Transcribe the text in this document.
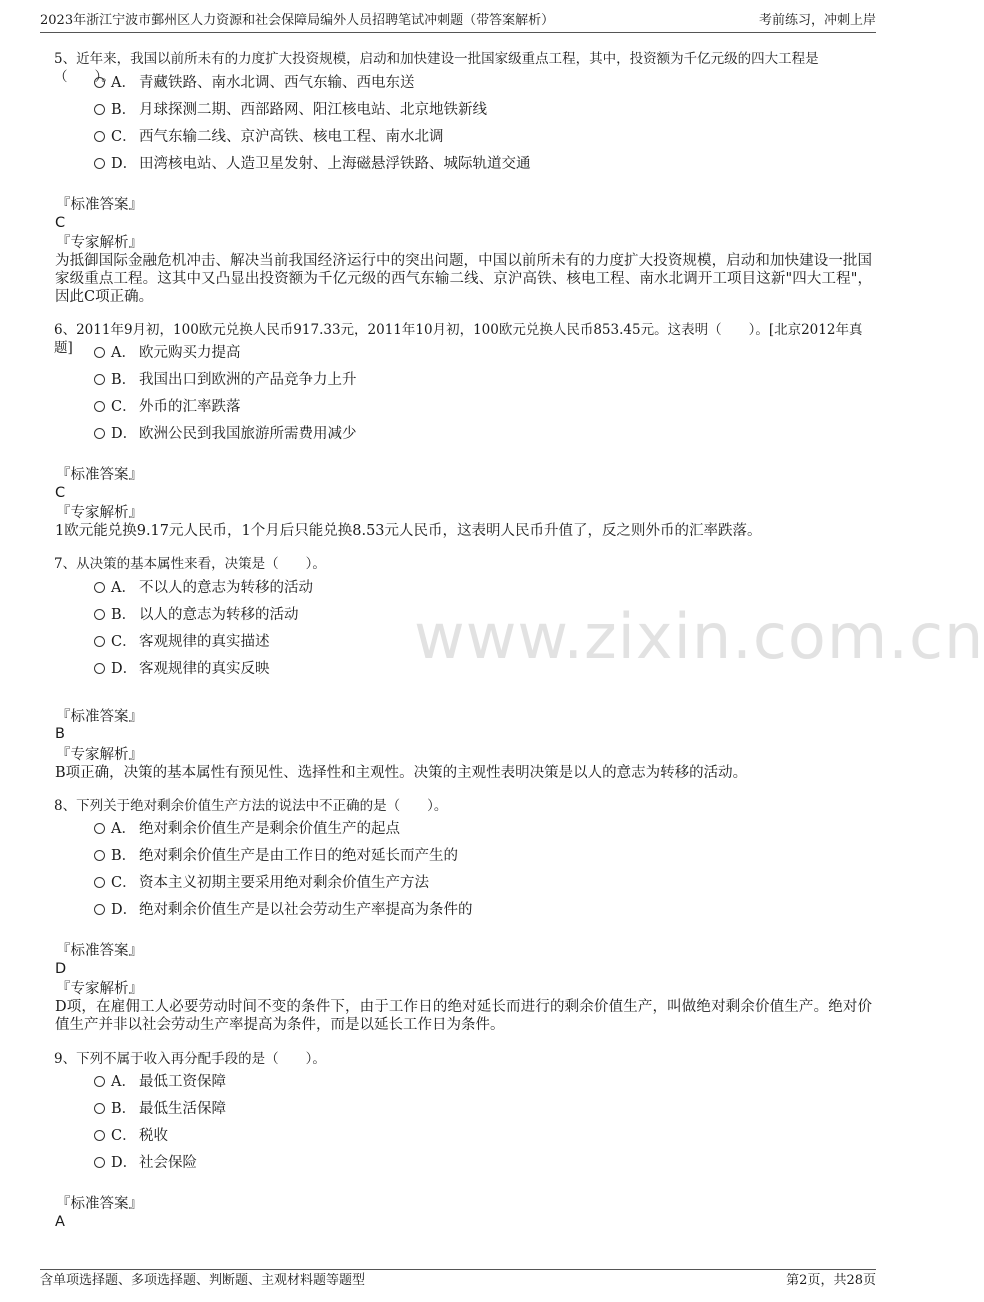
2023年浙江宁波市鄞州区人力资源和社会保障局编外人员招聘笔试冲刺题（带答案解析）	考前练习，冲刺上岸
www.zixin.com.cn
5、近年来，我国以前所未有的力度扩大投资规模，启动和加快建设一批国家级重点工程，其中，投资额为千亿元级的四大工程是（　　）。
A． 青藏铁路、南水北调、西气东输、西电东送
B． 月球探测二期、西部路网、阳江核电站、北京地铁新线
C． 西气东输二线、京沪高铁、核电工程、南水北调
D． 田湾核电站、人造卫星发射、上海磁悬浮铁路、城际轨道交通
『标准答案』
C
『专家解析』
为抵御国际金融危机冲击、解决当前我国经济运行中的突出问题，中国以前所未有的力度扩大投资规模，启动和加快建设一批国家级重点工程。这其中又凸显出投资额为千亿元级的西气东输二线、京沪高铁、核电工程、南水北调开工项目这新"四大工程"，因此C项正确。
6、2011年9月初，100欧元兑换人民币917.33元，2011年10月初，100欧元兑换人民币853.45元。这表明（　　）。[北京2012年真题]	A． 欧元购买力提高
B． 我国出口到欧洲的产品竞争力上升
C． 外币的汇率跌落
D． 欧洲公民到我国旅游所需费用减少
『标准答案』
C
『专家解析』
1欧元能兑换9.17元人民币，1个月后只能兑换8.53元人民币，这表明人民币升值了，反之则外币的汇率跌落。
7、从决策的基本属性来看，决策是（　　）。
A． 不以人的意志为转移的活动
B． 以人的意志为转移的活动
C． 客观规律的真实描述
D． 客观规律的真实反映
『标准答案』
B
『专家解析』
B项正确，决策的基本属性有预见性、选择性和主观性。决策的主观性表明决策是以人的意志为转移的活动。
8、下列关于绝对剩余价值生产方法的说法中不正确的是（　　）。
A． 绝对剩余价值生产是剩余价值生产的起点
B． 绝对剩余价值生产是由工作日的绝对延长而产生的
C． 资本主义初期主要采用绝对剩余价值生产方法
D． 绝对剩余价值生产是以社会劳动生产率提高为条件的
『标准答案』
D
『专家解析』
D项，在雇佣工人必要劳动时间不变的条件下，由于工作日的绝对延长而进行的剩余价值生产，叫做绝对剩余价值生产。绝对价值生产并非以社会劳动生产率提高为条件，而是以延长工作日为条件。
9、下列不属于收入再分配手段的是（　　）。
A． 最低工资保障
B． 最低生活保障
C． 税收
D． 社会保险
『标准答案』
A
含单项选择题、多项选择题、判断题、主观材料题等题型	第2页，共28页
